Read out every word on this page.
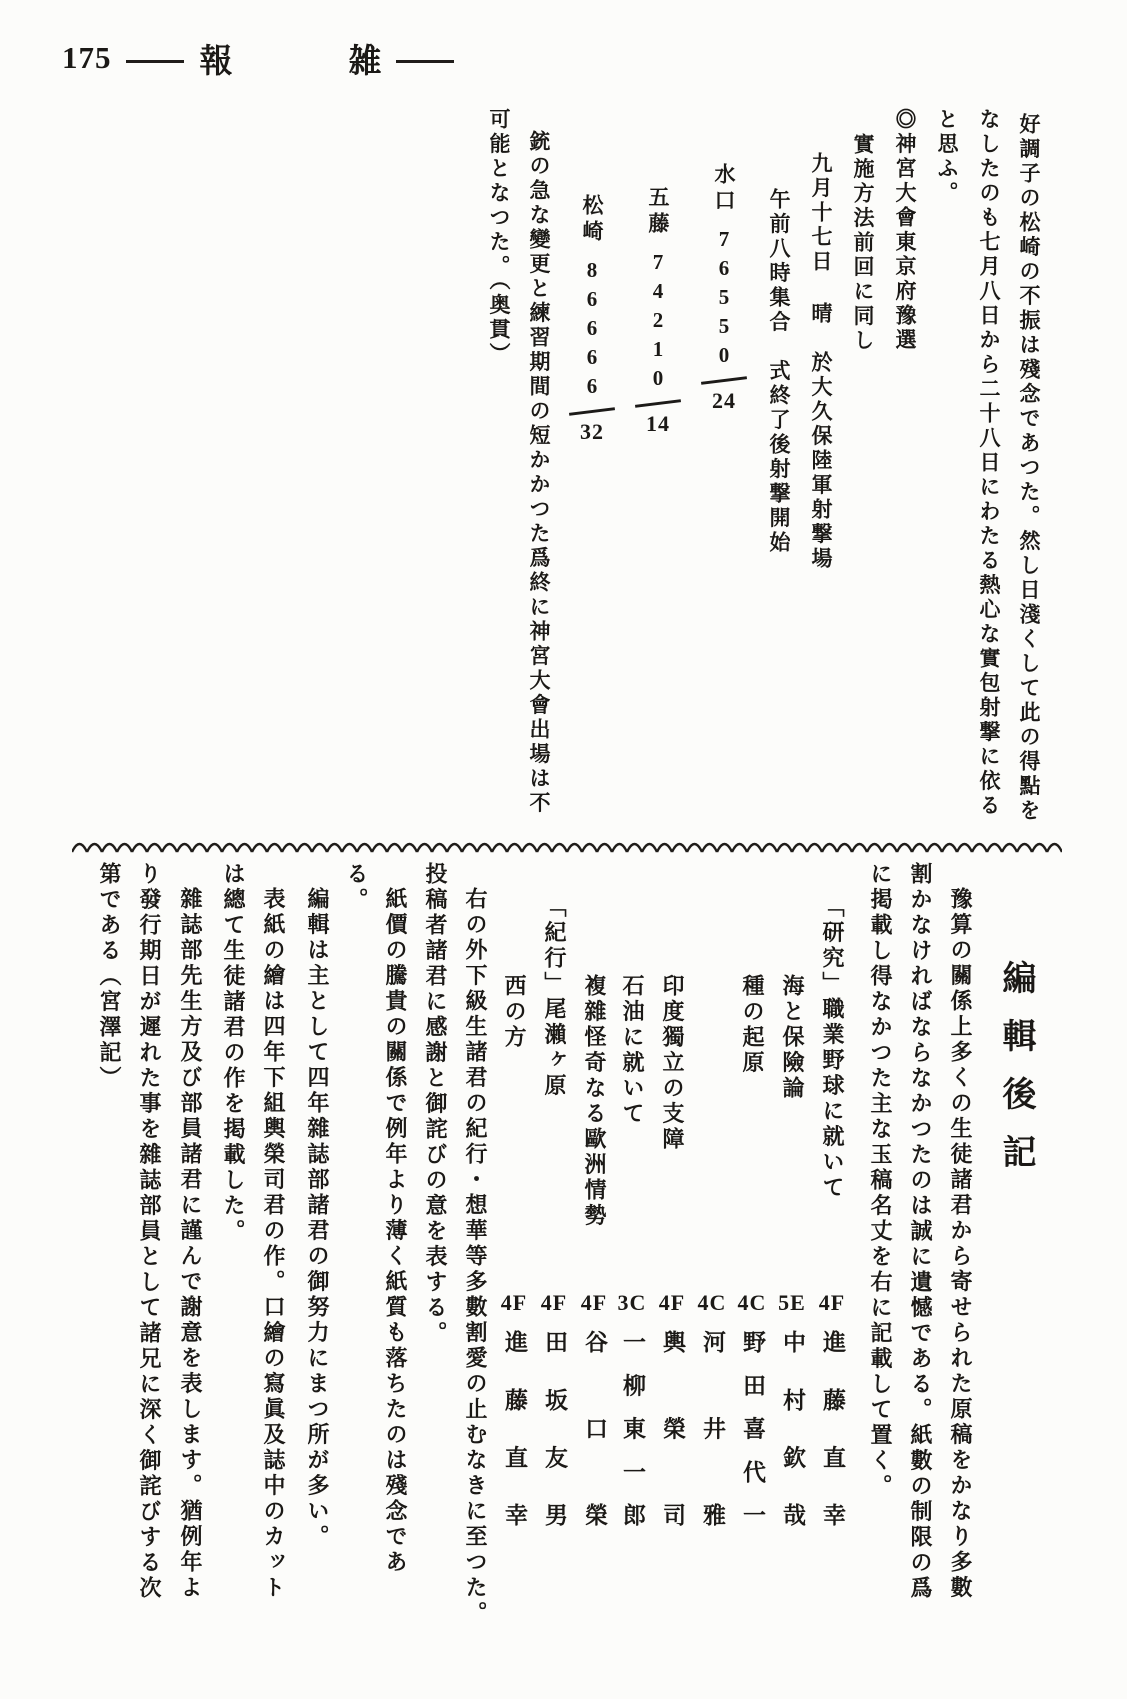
175	報	雑
好調子の松崎の不振は殘念であつた。然し日淺くして此の得點を
なしたのも七月八日から二十八日にわたる熱心な實包射撃に依る
と思ふ。
◎神宮大會東京府豫選
實施方法前回に同し
九月十七日 晴　於大久保陸軍射撃場
午前八時集合　式終了後射撃開始
水口
76550
24
五藤
74210
14
松崎
86666
32
銃の急な變更と練習期間の短かかつた爲終に神宮大會出場は不
可能となつた。（奥貫）
編輯後記
豫算の關係上多くの生徒諸君から寄せられた原稿をかなり多數
割かなければならなかつたのは誠に遺憾である。紙數の制限の爲
に掲載し得なかつた主な玉稿名丈を右に記載して置く。
「研究」職業野球に就いて
4F
進藤直幸
海と保險論
5E
中村欽哉
種の起原
4C
野田喜代一
4C
河井雅
印度獨立の支障
4F
輿榮司
石油に就いて
3C
一柳東一郎
複雜怪奇なる歐洲情勢
4F
谷口榮
「紀行」尾瀨ヶ原
4F
田坂友男
西の方
4F
進藤直幸
右の外下級生諸君の紀行・想華等多數割愛の止むなきに至つた。
投稿者諸君に感謝と御詫びの意を表する。
紙價の騰貴の關係で例年より薄く紙質も落ちたのは殘念であ
る。
編輯は主として四年雜誌部諸君の御努力にまつ所が多い。
表紙の繪は四年下組輿榮司君の作。口繪の寫眞及誌中のカット
は總て生徒諸君の作を掲載した。
雜誌部先生方及び部員諸君に謹んで謝意を表します。猶例年よ
り發行期日が遲れた事を雜誌部員として諸兄に深く御詫びする次
第である（宮澤記）
